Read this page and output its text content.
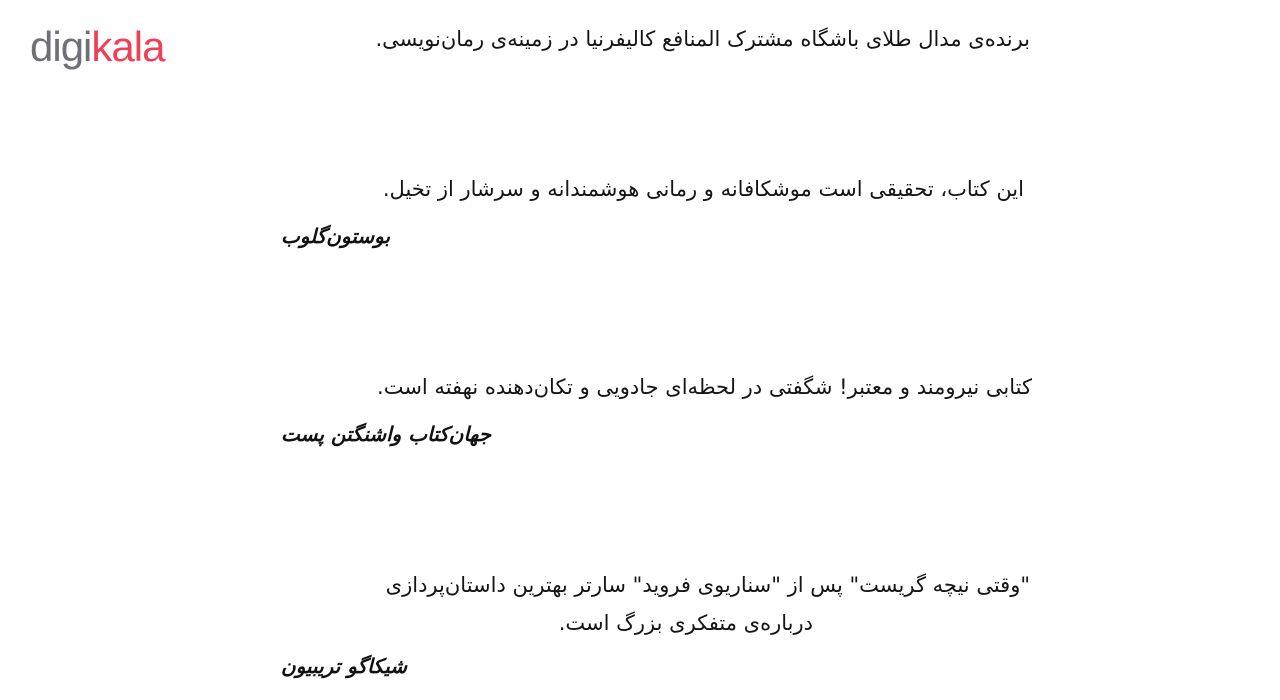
digikala	برنده‌ی مدال طلای باشگاه مشترک المنافع کالیفرنیا در زمینه‌ی رمان‌نویسی.
این کتاب، تحقیقی است موشکافانه و رمانی هوشمندانه و سرشار از تخیل.
بوستون‌گلوب
کتابی نیرومند و معتبر! شگفتی در لحظه‌ای جادویی و تکان‌دهنده نهفته است.
جهان‌کتاب واشنگتن پست
"وقتی نیچه گریست" پس از "سناریوی فروید" سارتر بهترین داستان‌پردازی
درباره‌ی متفکری بزرگ است.
شیکاگو تریبیون
